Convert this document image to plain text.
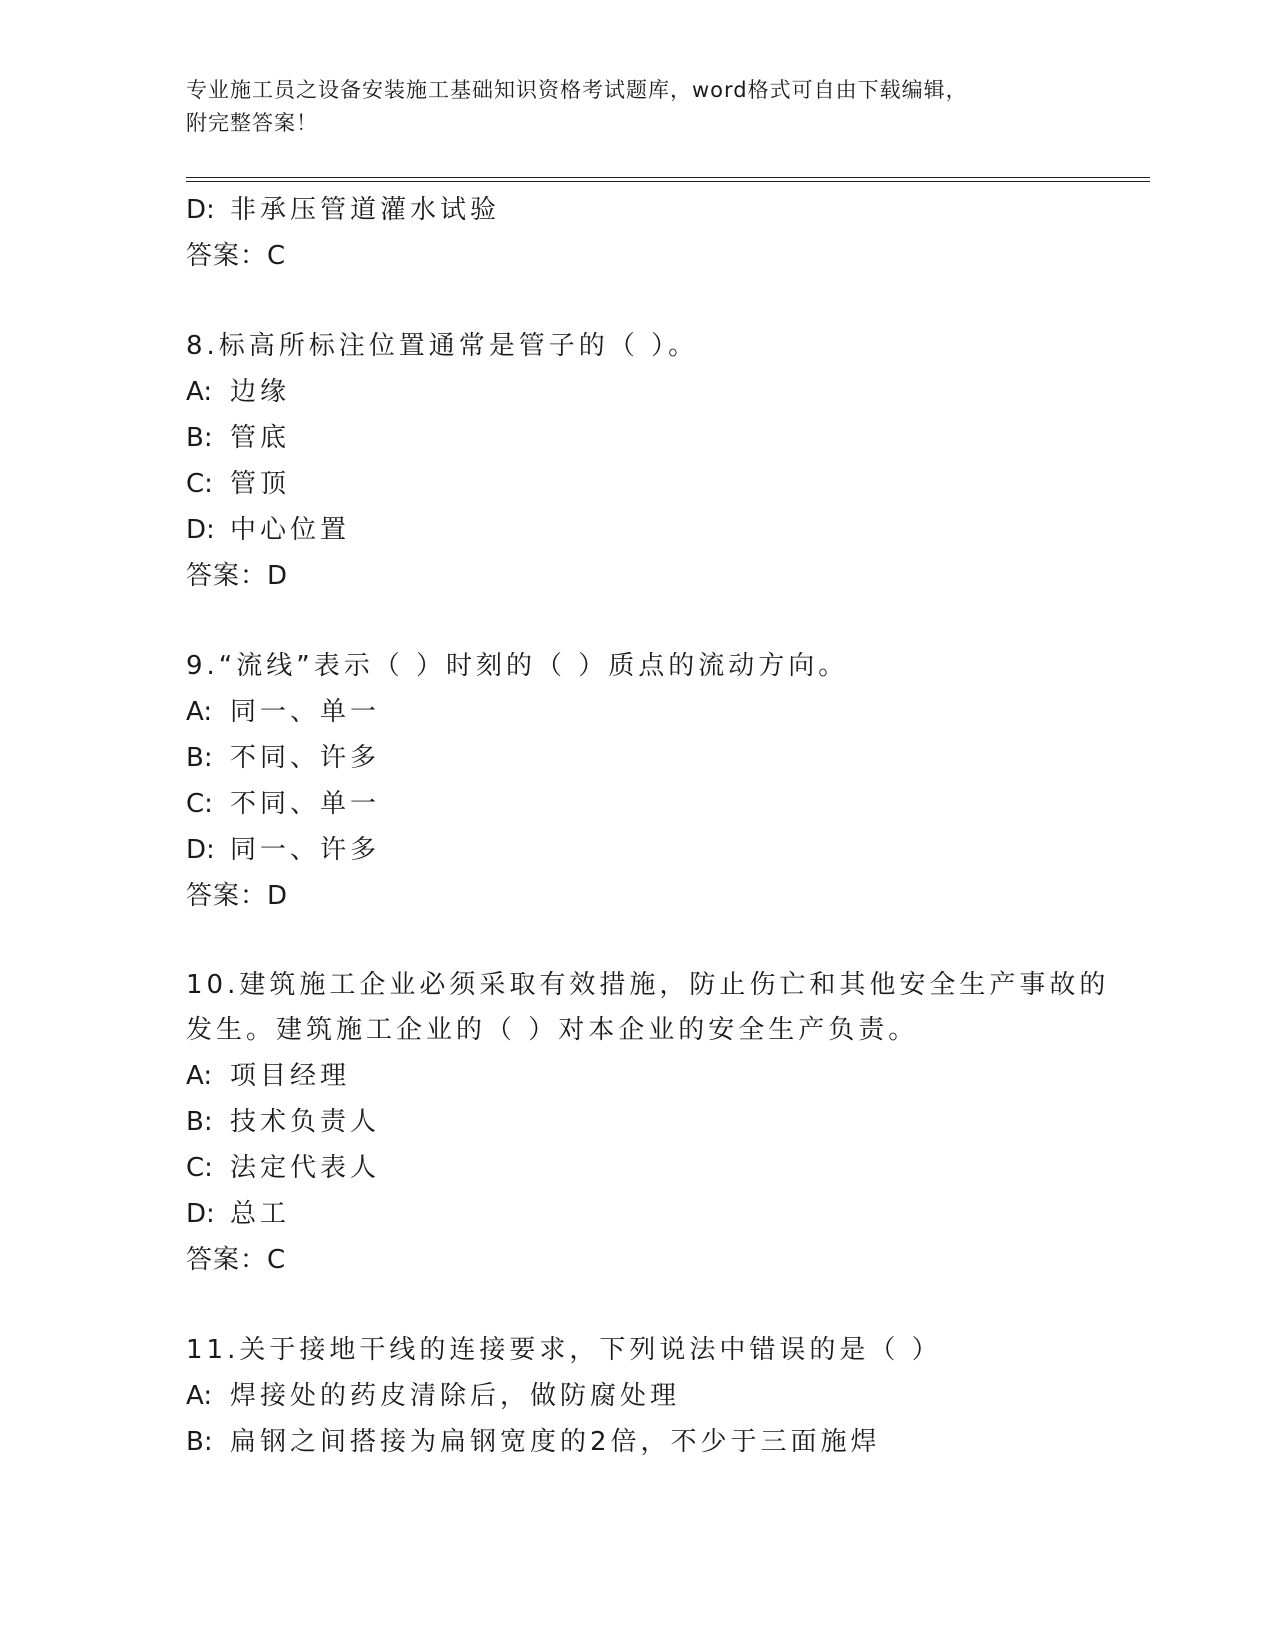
专业施工员之设备安装施工基础知识资格考试题库，word格式可自由下载编辑，
附完整答案！
D: 非承压管道灌水试验
答案：C
8.标高所标注位置通常是管子的（ ）。
A: 边缘
B: 管底
C: 管顶
D: 中心位置
答案：D
9.“流线”表示（ ）时刻的（ ）质点的流动方向。
A: 同一、单一
B: 不同、许多
C: 不同、单一
D: 同一、许多
答案：D
10.建筑施工企业必须采取有效措施，防止伤亡和其他安全生产事故的发生。建筑施工企业的（ ）对本企业的安全生产负责。
A: 项目经理
B: 技术负责人
C: 法定代表人
D: 总工
答案：C
11.关于接地干线的连接要求，下列说法中错误的是（ ）
A: 焊接处的药皮清除后，做防腐处理
B: 扁钢之间搭接为扁钢宽度的2倍，不少于三面施焊
